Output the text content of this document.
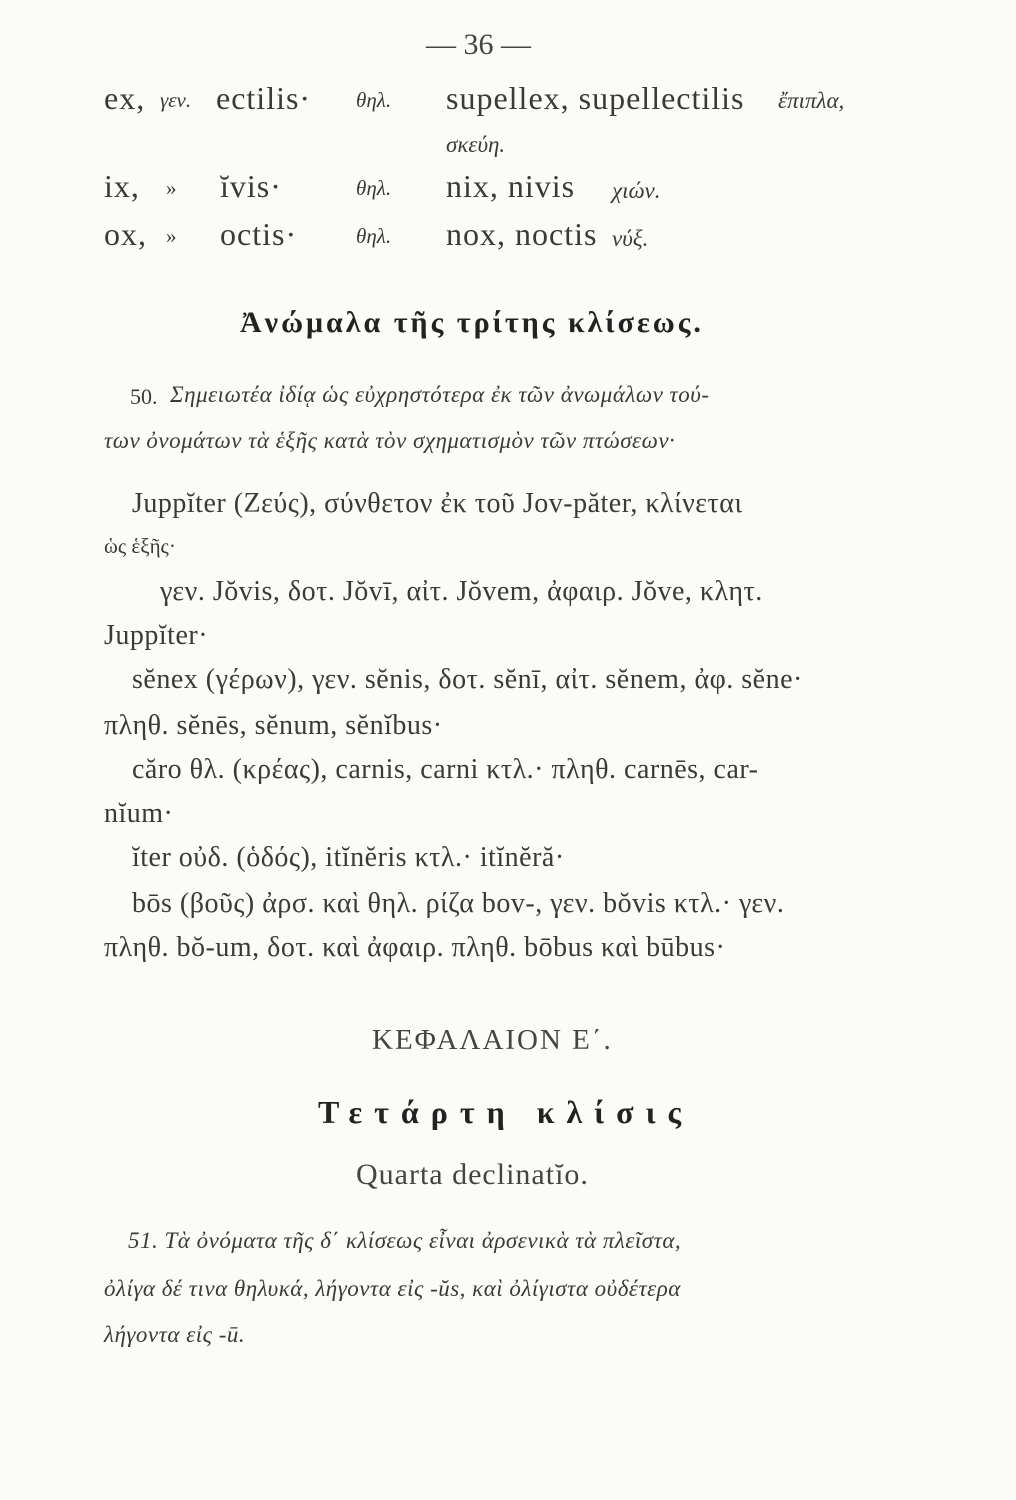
— 36 —
ex, γεν. ectilis· θηλ. supellex, supellectilis ἔπιπλα,
σκεύη.
ix, » ĭvis·	θηλ. nix, nivis χιών.
ox, » octis·	θηλ. nox, noctis νύξ.
Ἀνώμαλα τῆς τρίτης κλίσεως.
50. Σημειωτέα ἰδίᾳ ὡς εὐχρηστότερα ἐκ τῶν ἀνωμάλων τού-
των ὀνομάτων τὰ ἑξῆς κατὰ τὸν σχηματισμὸν τῶν πτώσεων·
Juppĭter (Ζεύς), σύνθετον ἐκ τοῦ Jov-păter, κλίνεται
ὡς ἑξῆς·
γεν. Jŏvis, δοτ. Jŏvī, αἰτ. Jŏvem, ἀφαιρ. Jŏve, κλητ.
Juppĭter·
sĕnex (γέρων), γεν. sĕnis, δοτ. sĕnī, αἰτ. sĕnem, ἀφ. sĕne·
πληθ. sĕnēs, sĕnum, sĕnĭbus·
căro θλ. (κρέας), carnis, carni κτλ.· πληθ. carnēs, car-
nĭum·
ĭter οὐδ. (ὁδός), itĭnĕris κτλ.· itĭnĕră·
bōs (βοῦς) ἀρσ. καὶ θηλ. ρίζα bov-, γεν. bŏvis κτλ.· γεν.
πληθ. bŏ-um, δοτ. καὶ ἀφαιρ. πληθ. bōbus καὶ būbus·
ΚΕΦΑΛΑΙΟΝ Ε΄.
Τετάρτη κλίσις
Quarta declinatĭo.
51. Τὰ ὀνόματα τῆς δ΄ κλίσεως εἶναι ἀρσενικὰ τὰ πλεῖστα,
ὀλίγα δέ τινα θηλυκά, λήγοντα εἰς -ŭs, καὶ ὀλίγιστα οὐδέτερα
λήγοντα εἰς -ū.
